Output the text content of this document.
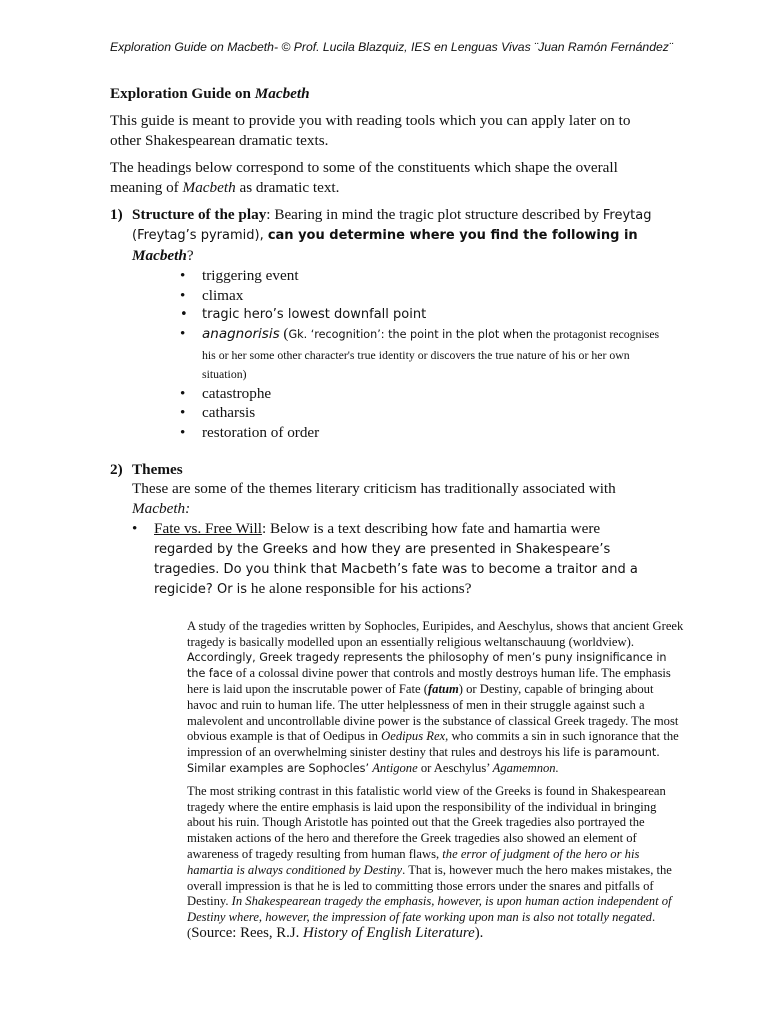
Exploration Guide on Macbeth- © Prof. Lucila Blazquiz, IES en Lenguas Vivas ¨Juan Ramón Fernández¨

Exploration Guide on Macbeth

This guide is meant to provide you with reading tools which you can apply later on to other Shakespearean dramatic texts.

The headings below correspond to some of the constituents which shape the overall meaning of Macbeth as dramatic text.

1) Structure of the play: Bearing in mind the tragic plot structure described by Freytag (Freytag’s pyramid), can you determine where you find the following in Macbeth?

• triggering event
• climax
• tragic hero’s lowest downfall point
• anagnorisis (Gk. ‘recognition’: the point in the plot when the protagonist recognises his or her some other character's true identity or discovers the true nature of his or her own situation)
• catastrophe
• catharsis
• restoration of order
2) Themes

These are some of the themes literary criticism has traditionally associated with
Macbeth:

• Fate vs. Free Will: Below is a text describing how fate and hamartia were regarded by the Greeks and how they are presented in Shakespeare’s tragedies. Do you think that Macbeth’s fate was to become a traitor and a regicide? Or is he alone responsible for his actions?

A study of the tragedies written by Sophocles, Euripides, and Aeschylus, shows that ancient Greek tragedy is basically modelled upon an essentially religious weltanschauung (worldview). Accordingly, Greek tragedy represents the philosophy of men’s puny insignificance in the face of a colossal divine power that controls and mostly destroys human life. The emphasis here is laid upon the inscrutable power of Fate (fatum) or Destiny, capable of bringing about havoc and ruin to human life. The utter helplessness of men in their struggle against such a malevolent and uncontrollable divine power is the substance of classical Greek tragedy. The most obvious example is that of Oedipus in Oedipus Rex, who commits a sin in such ignorance that the impression of an overwhelming sinister destiny that rules and destroys his life is paramount. Similar examples are Sophocles’ Antigone or Aeschylus’ Agamemnon.

The most striking contrast in this fatalistic world view of the Greeks is found in Shakespearean tragedy where the entire emphasis is laid upon the responsibility of the individual in bringing about his ruin. Though Aristotle has pointed out that the Greek tragedies also portrayed the mistaken actions of the hero and therefore the Greek tragedies also showed an element of awareness of tragedy resulting from human flaws, the error of judgment of the hero or his hamartia is always conditioned by Destiny. That is, however much the hero makes mistakes, the overall impression is that he is led to committing those errors under the snares and pitfalls of Destiny. In Shakespearean tragedy the emphasis, however, is upon human action independent of Destiny where, however, the impression of fate working upon man is also not totally negated. (Source: Rees, R.J. History of English Literature).
